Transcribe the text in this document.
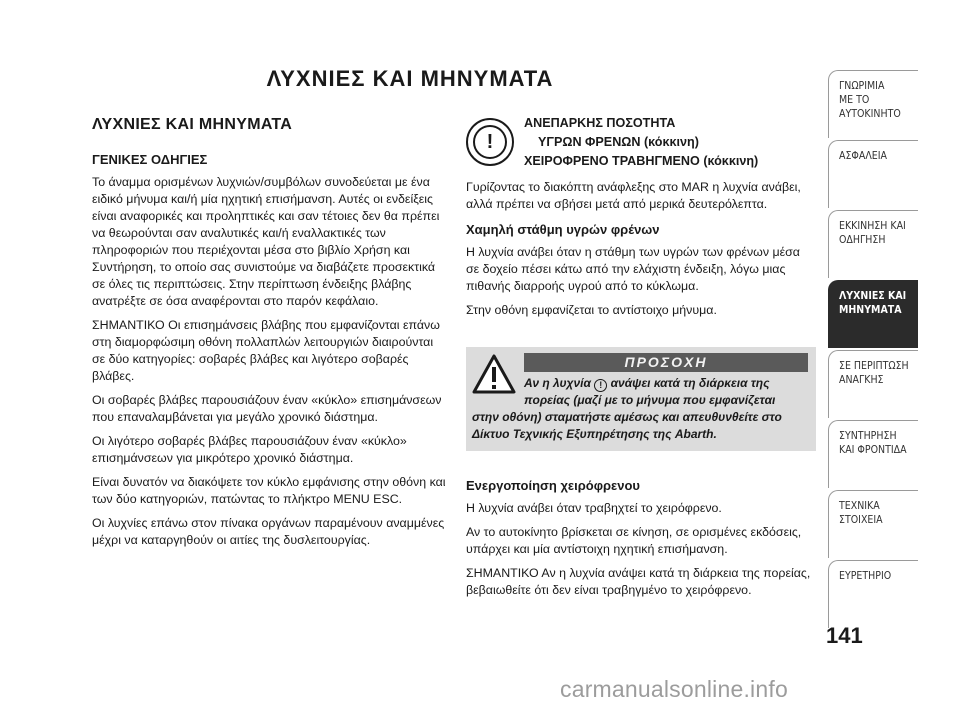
ΛΥΧΝΙΕΣ ΚΑΙ ΜΗΝΥΜΑΤΑ
ΛΥΧΝΙΕΣ ΚΑΙ ΜΗΝΥΜΑΤΑ
ΓΕΝΙΚΕΣ ΟΔΗΓΙΕΣ

Το άναμμα ορισμένων λυχνιών/συμβόλων συνοδεύεται με ένα ειδικό μήνυμα και/ή μία ηχητική επισήμανση. Αυτές οι ενδείξεις είναι αναφορικές και προληπτικές και σαν τέτοιες δεν θα πρέπει να θεωρούνται σαν αναλυτικές και/ή εναλλακτικές των πληροφοριών που περιέχονται μέσα στο βιβλίο Χρήση και Συντήρηση, το οποίο σας συνιστούμε να διαβάζετε προσεκτικά σε όλες τις περιπτώσεις. Στην περίπτωση ένδειξης βλάβης ανατρέξτε σε όσα αναφέρονται στο παρόν κεφάλαιο.

ΣΗΜΑΝΤΙΚΟ Οι επισημάνσεις βλάβης που εμφανίζονται επάνω στη διαμορφώσιμη οθόνη πολλαπλών λειτουργιών διαιρούνται σε δύο κατηγορίες: σοβαρές βλάβες και λιγότερο σοβαρές βλάβες.

Οι σοβαρές βλάβες παρουσιάζουν έναν «κύκλο» επισημάνσεων που επαναλαμβάνεται για μεγάλο χρονικό διάστημα.

Οι λιγότερο σοβαρές βλάβες παρουσιάζουν έναν «κύκλο» επισημάνσεων για μικρότερο χρονικό διάστημα.

Είναι δυνατόν να διακόψετε τον κύκλο εμφάνισης στην οθόνη και των δύο κατηγοριών, πατώντας το πλήκτρο MENU ESC.

Οι λυχνίες επάνω στον πίνακα οργάνων παραμένουν αναμμένες μέχρι να καταργηθούν οι αιτίες της δυσλειτουργίας.

!
ΑΝΕΠΑΡΚΗΣ ΠΟΣΟΤΗΤΑ
ΥΓΡΩΝ ΦΡΕΝΩΝ (κόκκινη)
ΧΕΙΡΟΦΡΕΝΟ ΤΡΑΒΗΓΜΕΝΟ (κόκκινη)

Γυρίζοντας το διακόπτη ανάφλεξης στο MAR η λυχνία ανάβει, αλλά πρέπει να σβήσει μετά από μερικά δευτερόλεπτα.

Χαμηλή στάθμη υγρών φρένων

Η λυχνία ανάβει όταν η στάθμη των υγρών των φρένων μέσα σε δοχείο πέσει κάτω από την ελάχιστη ένδειξη, λόγω μιας πιθανής διαρροής υγρού από το κύκλωμα.

Στην οθόνη εμφανίζεται το αντίστοιχο μήνυμα.

ΠΡΟΣΟΧΗ
Αν η λυχνία ! ανάψει κατά τη διάρκεια της πορείας (μαζί με το μήνυμα που εμφανίζεται
στην οθόνη) σταματήστε αμέσως και απευθυνθείτε στο Δίκτυο Τεχνικής Εξυπηρέτησης της Abarth.
Ενεργοποίηση χειρόφρενου

Η λυχνία ανάβει όταν τραβηχτεί το χειρόφρενο.

Αν το αυτοκίνητο βρίσκεται σε κίνηση, σε ορισμένες εκδόσεις, υπάρχει και μία αντίστοιχη ηχητική επισήμανση.

ΣΗΜΑΝΤΙΚΟ Αν η λυχνία ανάψει κατά τη διάρκεια της πορείας, βεβαιωθείτε ότι δεν είναι τραβηγμένο το χειρόφρενο.

ΓΝΩΡΙΜΙΑ
ΜΕ ΤΟ
ΑΥΤΟΚΙΝΗΤΟ
ΑΣΦΑΛΕΙΑ
ΕΚΚΙΝΗΣΗ ΚΑΙ
ΟΔΗΓΗΣΗ
ΛΥΧΝΙΕΣ ΚΑΙ
ΜΗΝΥΜΑΤΑ
ΣΕ ΠΕΡΙΠΤΩΣΗ
ΑΝΑΓΚΗΣ
ΣΥΝΤΗΡΗΣΗ
ΚΑΙ ΦΡΟΝΤΙΔΑ
ΤΕΧΝΙΚΑ
ΣΤΟΙΧΕΙΑ
ΕΥΡΕΤΗΡΙΟ
141
carmanualsonline.info
